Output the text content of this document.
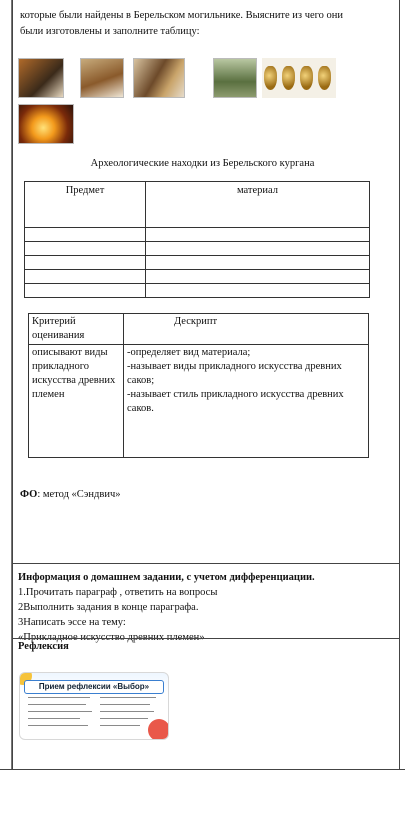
которые были найдены в Берельском могильнике. Выясните из чего они
были изготовлены и заполните таблицу:
Археологические находки из Берельского кургана
Предмет	материал

Критерий оценивания	Дескрипт
описывают виды прикладного искусства древних племен	-определяет вид материала;
-называет виды прикладного искусства древних саков;
-называет стиль прикладного искусства древних саков.
ФО: метод «Сэндвич»
Информация о домашнем задании, с учетом дифференциации.
1.Прочитать параграф , ответить на вопросы
2Выполнить задания в конце параграфа.
3Написать эссе на тему:
«Прикладное искусство древних племен»
Рефлексия
Прием рефлексии «Выбор»
